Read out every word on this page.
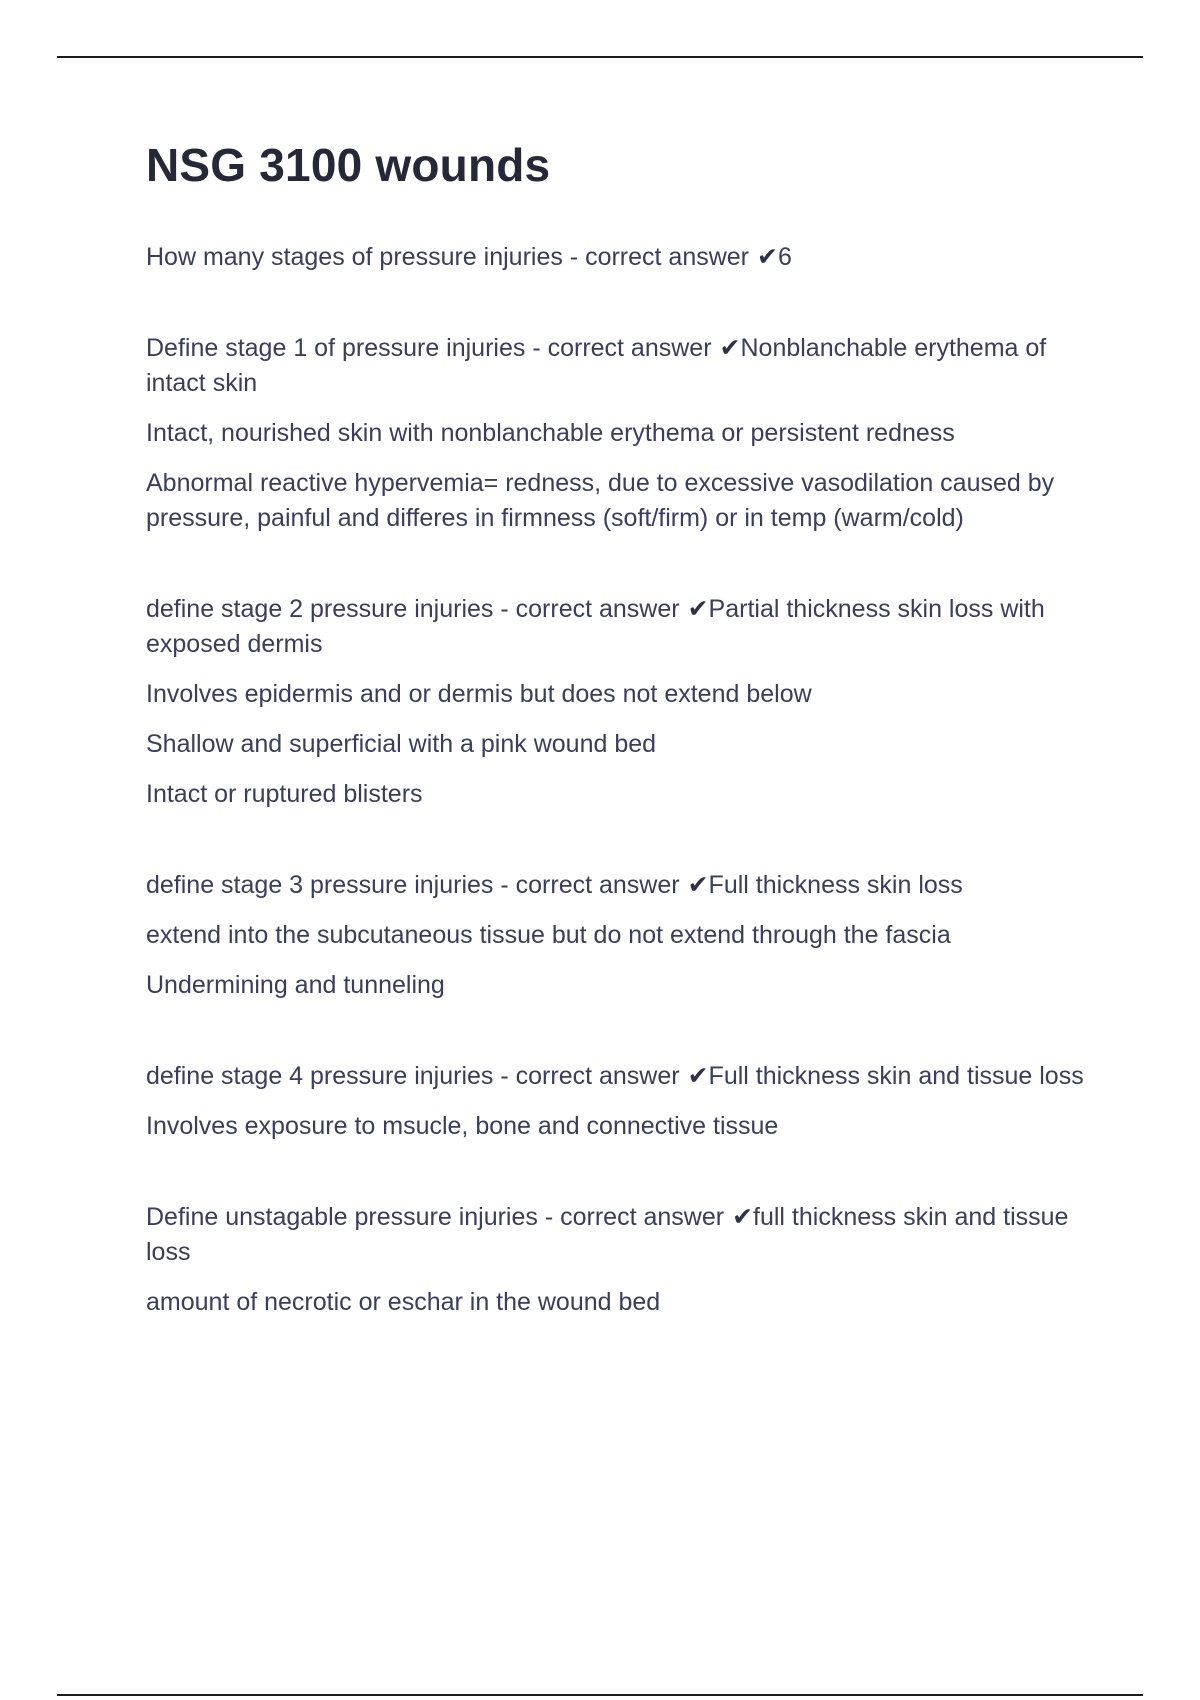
NSG 3100 wounds
How many stages of pressure injuries - correct answer ✔6
Define stage 1 of pressure injuries - correct answer ✔Nonblanchable erythema of intact skin
Intact, nourished skin with nonblanchable erythema or persistent redness
Abnormal reactive hypervemia= redness, due to excessive vasodilation caused by pressure, painful and differes in firmness (soft/firm) or in temp (warm/cold)
define stage 2 pressure injuries - correct answer ✔Partial thickness skin loss with exposed dermis
Involves epidermis and or dermis but does not extend below
Shallow and superficial with a pink wound bed
Intact or ruptured blisters
define stage 3 pressure injuries - correct answer ✔Full thickness skin loss
extend into the subcutaneous tissue but do not extend through the fascia
Undermining and tunneling
define stage 4 pressure injuries - correct answer ✔Full thickness skin and tissue loss
Involves exposure to msucle, bone and connective tissue
Define unstagable pressure injuries - correct answer ✔full thickness skin and tissue loss
amount of necrotic or eschar in the wound bed
